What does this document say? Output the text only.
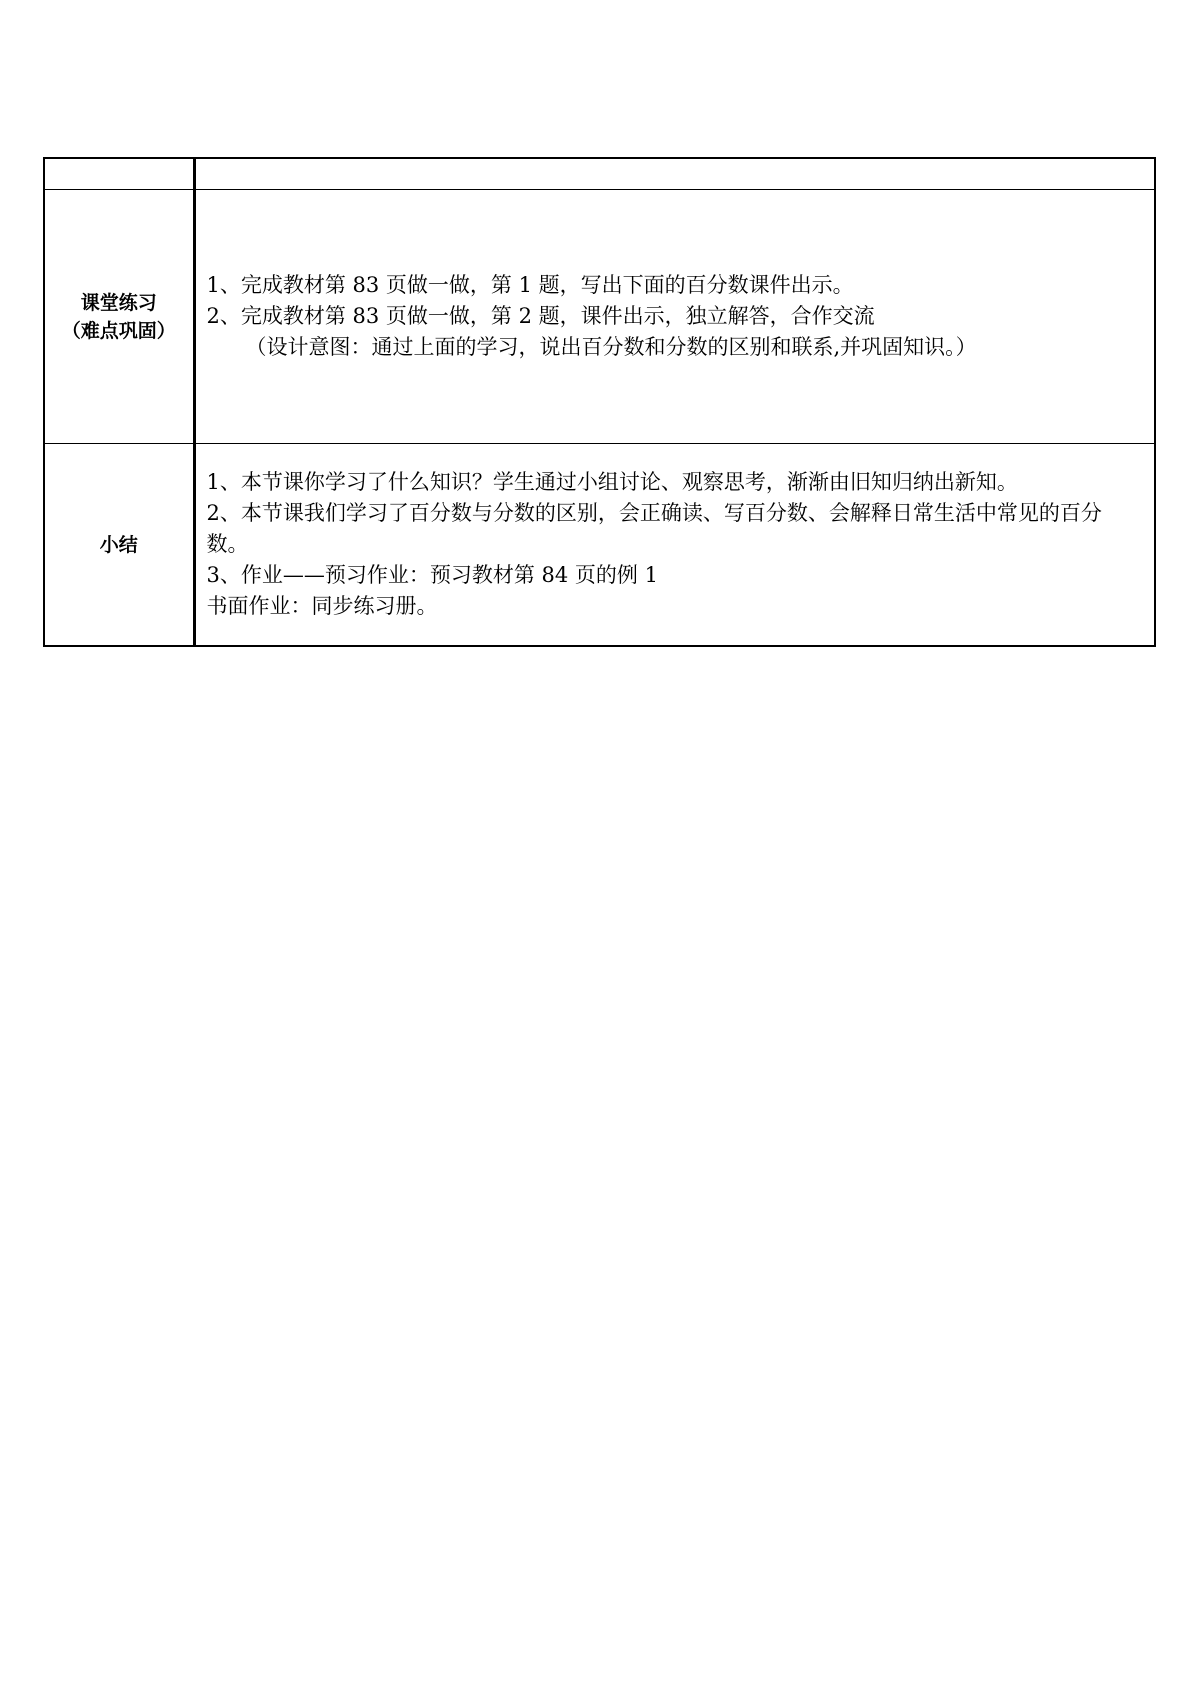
课堂练习
（难点巩固）	1、完成教材第 83 页做一做，第 1 题，写出下面的百分数课件出示。
2、完成教材第 83 页做一做，第 2 题，课件出示，独立解答，合作交流
（设计意图：通过上面的学习，说出百分数和分数的区别和联系,并巩固知识。）

小结	1、本节课你学习了什么知识？学生通过小组讨论、观察思考，渐渐由旧知归纳出新知。
2、本节课我们学习了百分数与分数的区别，会正确读、写百分数、会解释日常生活中常见的百分数。
3、作业——预习作业：预习教材第 84 页的例 1
书面作业：同步练习册。
